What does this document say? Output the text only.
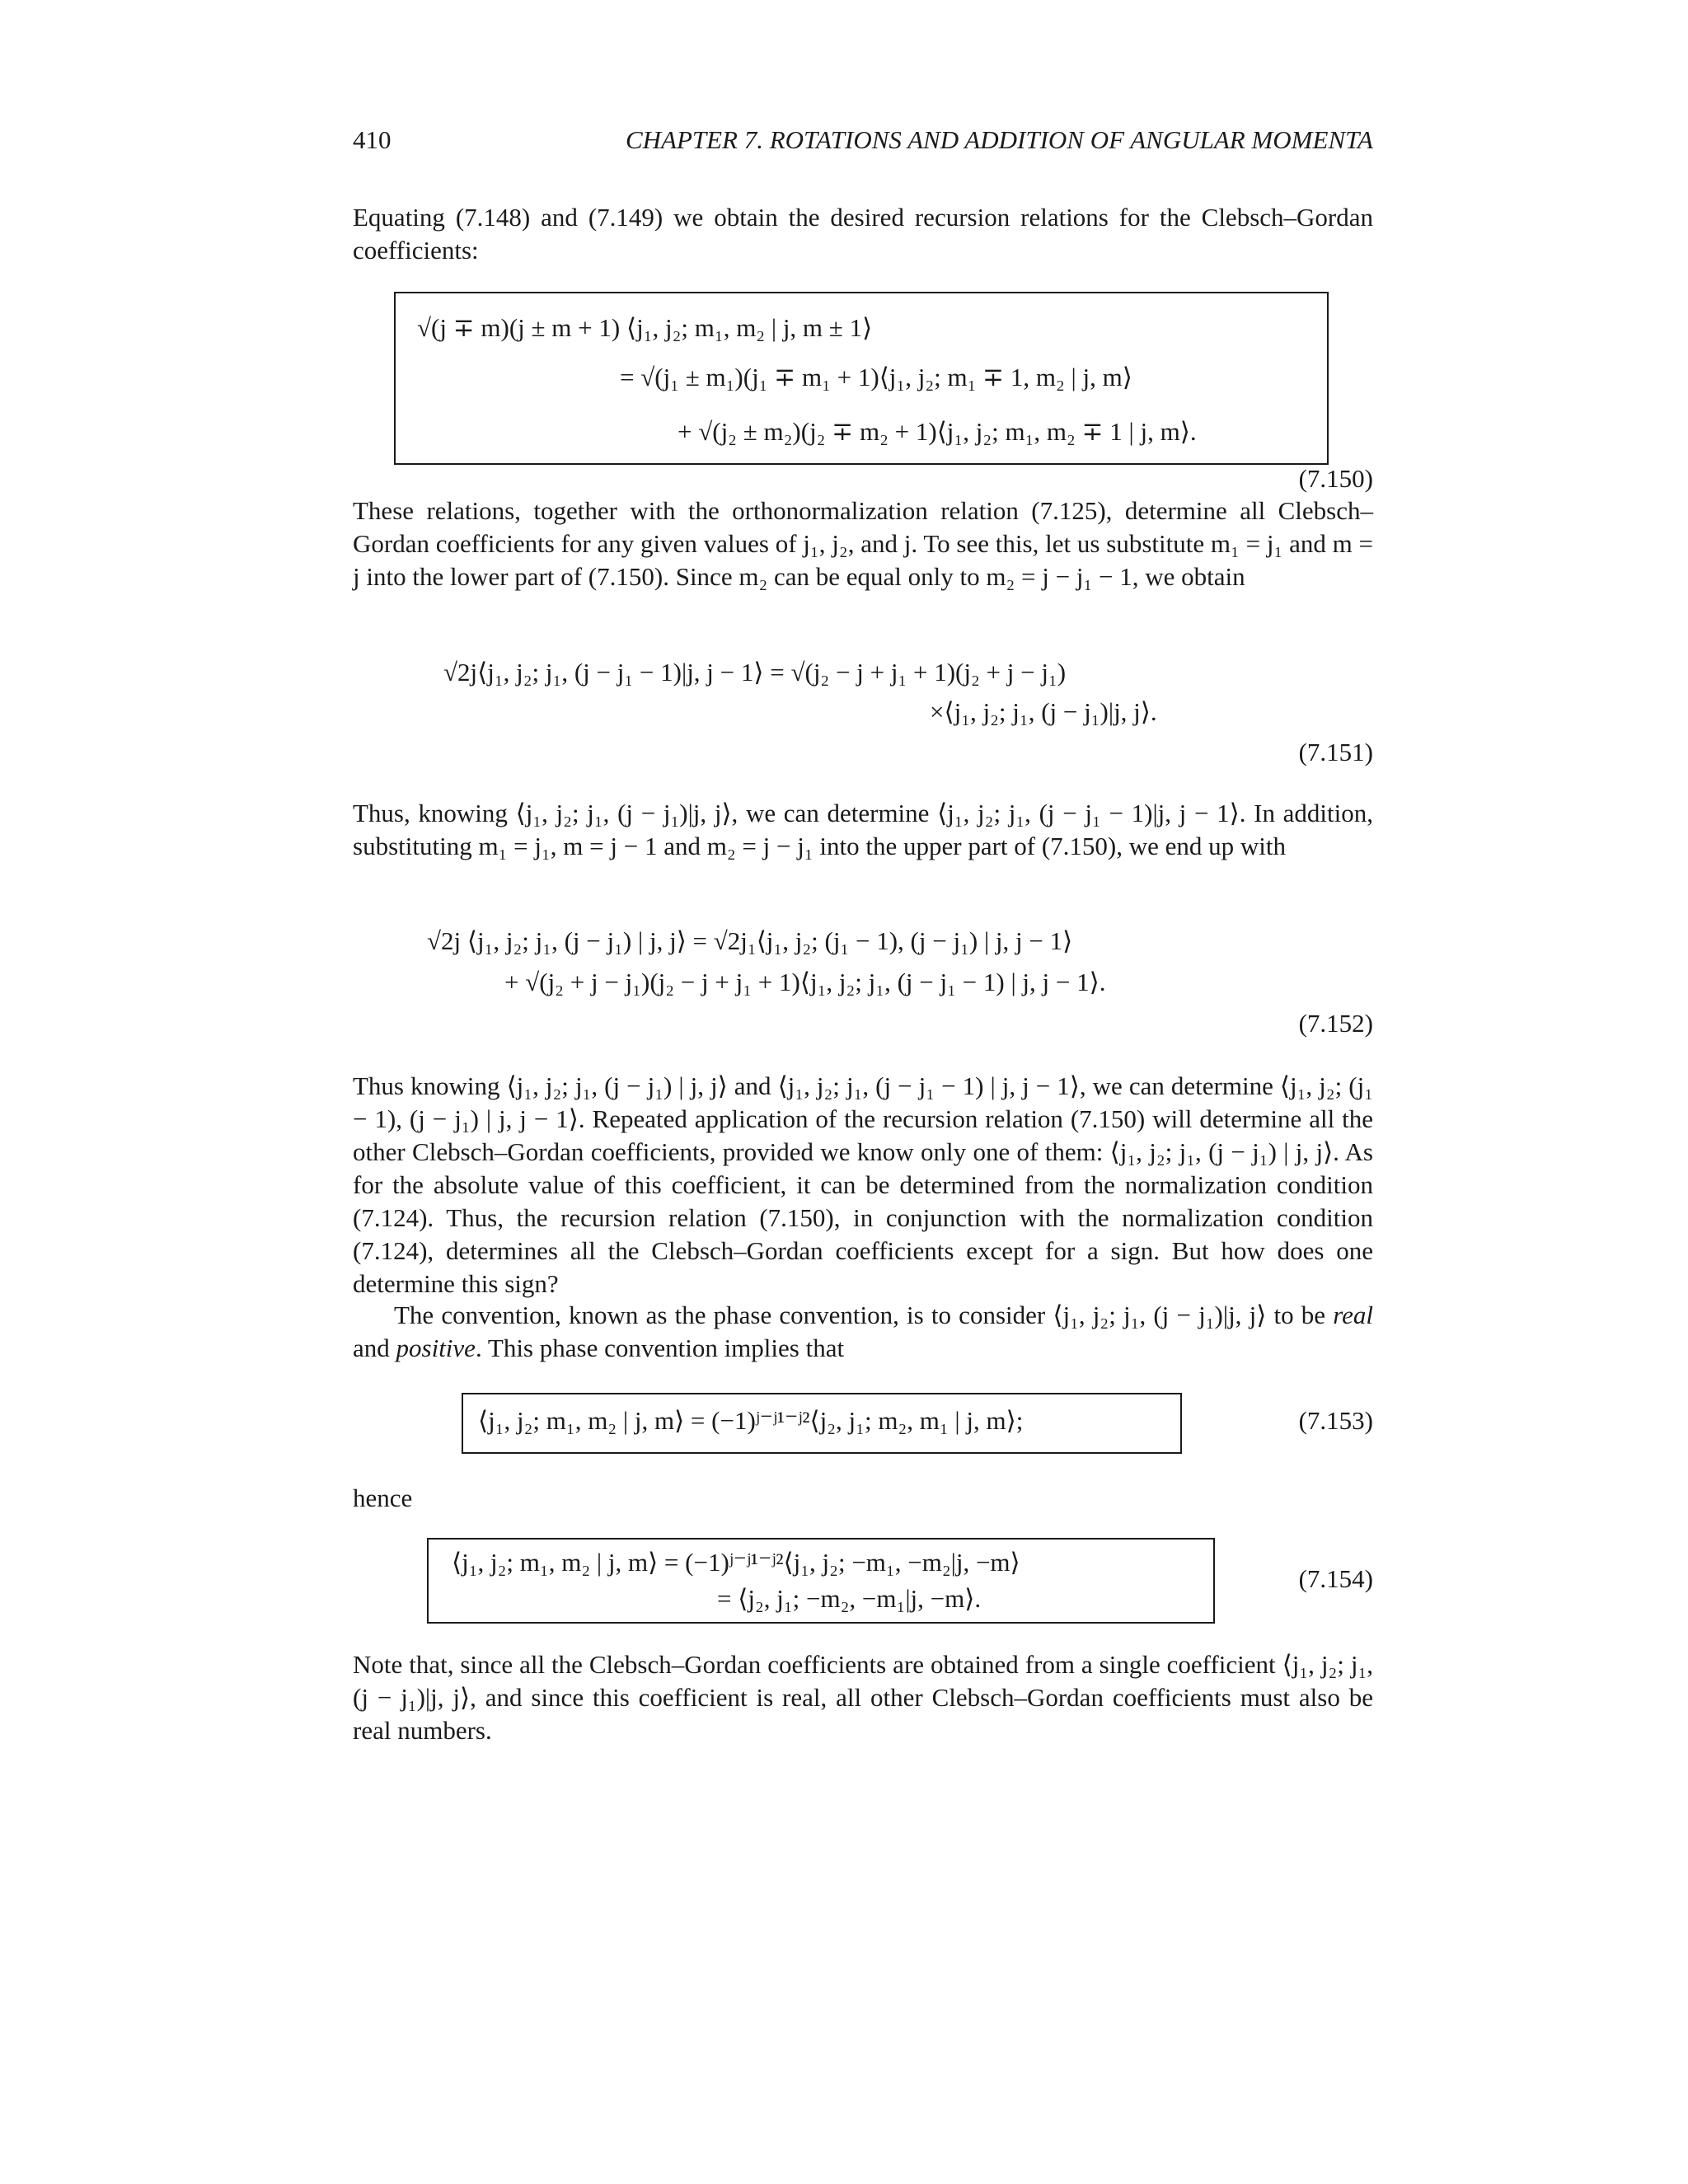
410	CHAPTER 7. ROTATIONS AND ADDITION OF ANGULAR MOMENTA

Equating (7.148) and (7.149) we obtain the desired recursion relations for the Clebsch–Gordan coefficients:

√(j ∓ m)(j ± m + 1) ⟨j₁, j₂; m₁, m₂ | j, m ± 1⟩
= √(j₁ ± m₁)(j₁ ∓ m₁ + 1)⟨j₁, j₂; m₁ ∓ 1, m₂ | j, m⟩
+ √(j₂ ± m₂)(j₂ ∓ m₂ + 1)⟨j₁, j₂; m₁, m₂ ∓ 1 | j, m⟩.
(7.150)

These relations, together with the orthonormalization relation (7.125), determine all Clebsch–Gordan coefficients for any given values of j₁, j₂, and j. To see this, let us substitute m₁ = j₁ and m = j into the lower part of (7.150). Since m₂ can be equal only to m₂ = j − j₁ − 1, we obtain

√2j⟨j₁, j₂; j₁, (j − j₁ − 1)|j, j − 1⟩ = √(j₂ − j + j₁ + 1)(j₂ + j − j₁)
×⟨j₁, j₂; j₁, (j − j₁)|j, j⟩.
(7.151)

Thus, knowing ⟨j₁, j₂; j₁, (j − j₁)|j, j⟩, we can determine ⟨j₁, j₂; j₁, (j − j₁ − 1)|j, j − 1⟩. In addition, substituting m₁ = j₁, m = j − 1 and m₂ = j − j₁ into the upper part of (7.150), we end up with

√2j ⟨j₁, j₂; j₁, (j − j₁) | j, j⟩ = √2j₁⟨j₁, j₂; (j₁ − 1), (j − j₁) | j, j − 1⟩
+ √(j₂ + j − j₁)(j₂ − j + j₁ + 1)⟨j₁, j₂; j₁, (j − j₁ − 1) | j, j − 1⟩.
(7.152)

Thus knowing ⟨j₁, j₂; j₁, (j − j₁) | j, j⟩ and ⟨j₁, j₂; j₁, (j − j₁ − 1) | j, j − 1⟩, we can determine ⟨j₁, j₂; (j₁ − 1), (j − j₁) | j, j − 1⟩. Repeated application of the recursion relation (7.150) will determine all the other Clebsch–Gordan coefficients, provided we know only one of them: ⟨j₁, j₂; j₁, (j − j₁) | j, j⟩. As for the absolute value of this coefficient, it can be determined from the normalization condition (7.124). Thus, the recursion relation (7.150), in conjunction with the normalization condition (7.124), determines all the Clebsch–Gordan coefficients except for a sign. But how does one determine this sign?

The convention, known as the phase convention, is to consider ⟨j₁, j₂; j₁, (j − j₁)|j, j⟩ to be real and positive. This phase convention implies that

⟨j₁, j₂; m₁, m₂ | j, m⟩ = (−1)ʲ⁻ʲ¹⁻ʲ²⟨j₂, j₁; m₂, m₁ | j, m⟩;	(7.153)

hence

⟨j₁, j₂; m₁, m₂ | j, m⟩ = (−1)ʲ⁻ʲ¹⁻ʲ²⟨j₁, j₂; −m₁, −m₂|j, −m⟩
= ⟨j₂, j₁; −m₂, −m₁|j, −m⟩.
(7.154)

Note that, since all the Clebsch–Gordan coefficients are obtained from a single coefficient ⟨j₁, j₂; j₁, (j − j₁)|j, j⟩, and since this coefficient is real, all other Clebsch–Gordan coefficients must also be real numbers.
